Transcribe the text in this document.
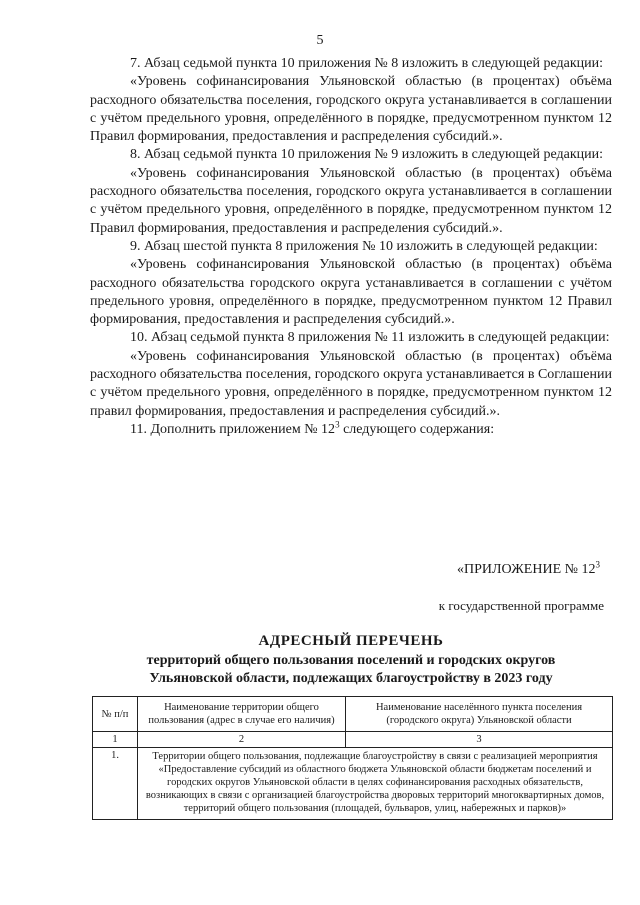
5

7. Абзац седьмой пункта 10 приложения № 8 изложить в следующей редакции:

«Уровень софинансирования Ульяновской областью (в процентах) объёма расходного обязательства поселения, городского округа устанавливается в соглашении с учётом предельного уровня, определённого в порядке, предусмотренном пунктом 12 Правил формирования, предоставления и распределения субсидий.».

8. Абзац седьмой пункта 10 приложения № 9 изложить в следующей редакции:

«Уровень софинансирования Ульяновской областью (в процентах) объёма расходного обязательства поселения, городского округа устанавливается в соглашении с учётом предельного уровня, определённого в порядке, предусмотренном пунктом 12 Правил формирования, предоставления и распределения субсидий.».

9. Абзац шестой пункта 8 приложения № 10 изложить в следующей редакции:

«Уровень софинансирования Ульяновской областью (в процентах) объёма расходного обязательства городского округа устанавливается в соглашении с учётом предельного уровня, определённого в порядке, предусмотренном пунктом 12 Правил формирования, предоставления и распределения субсидий.».

10. Абзац седьмой пункта 8 приложения № 11 изложить в следующей редакции:

«Уровень софинансирования Ульяновской областью (в процентах) объёма расходного обязательства поселения, городского округа устанавливается в Соглашении с учётом предельного уровня, определённого в порядке, предусмотренном пунктом 12 правил формирования, предоставления и распределения субсидий.».

11. Дополнить приложением № $12^3$ следующего содержания:

«ПРИЛОЖЕНИЕ № $12^3$
к государственной программе
АДРЕСНЫЙ ПЕРЕЧЕНЬ
территорий общего пользования поселений и городских округов
Ульяновской области, подлежащих благоустройству в 2023 году
№ п/п	Наименование территории общего пользования (адрес в случае его наличия)	Наименование населённого пункта поселения (городского округа) Ульяновской области
1	2	3
1.	Территории общего пользования, подлежащие благоустройству в связи с реализацией мероприятия «Предоставление субсидий из областного бюджета Ульяновской области бюджетам поселений и городских округов Ульяновской области в целях софинансирования расходных обязательств, возникающих в связи с организацией благоустройства дворовых территорий многоквартирных домов, территорий общего пользования (площадей, бульваров, улиц, набережных и парков)»	
